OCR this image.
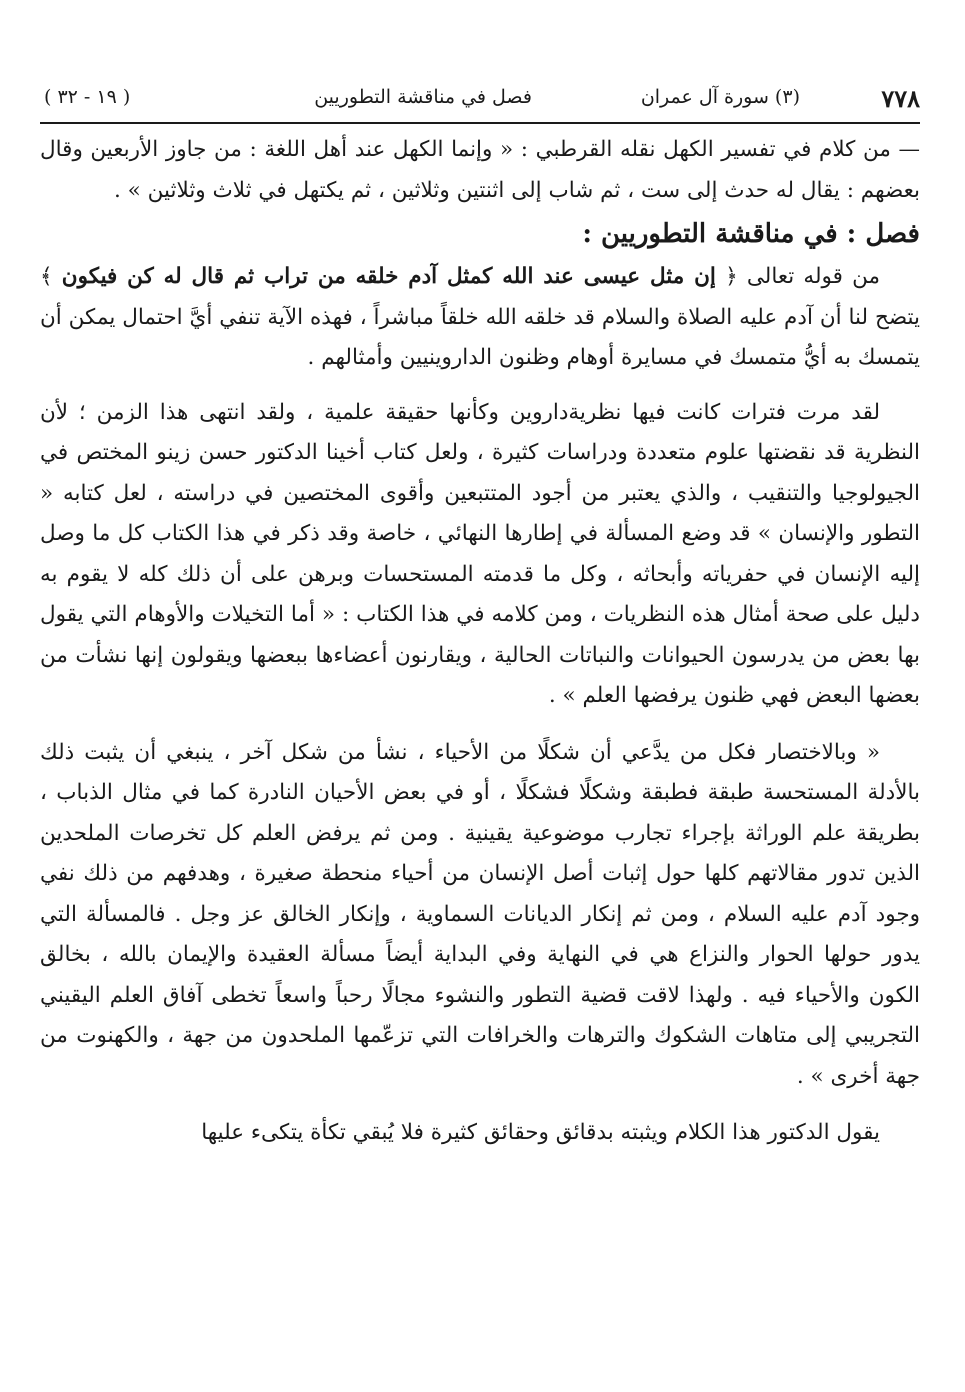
٧٧٨
(٣) سورة آل عمران
فصل في مناقشة التطوريين
( ١٩ - ٣٢ )

— من كلام في تفسير الكهل نقله القرطبي : « وإنما الكهل عند أهل اللغة : من جاوز الأربعين وقال بعضهم : يقال له حدث إلى ست ، ثم شاب إلى اثنتين وثلاثين ، ثم يكتهل في ثلاث وثلاثين » .

فصل : في مناقشة التطوريين :

من قوله تعالى ﴿ إن مثل عيسى عند الله كمثل آدم خلقه من تراب ثم قال له كن فيكون ﴾ يتضح لنا أن آدم عليه الصلاة والسلام قد خلقه الله خلقاً مباشراً ، فهذه الآية تنفي أيَّ احتمال يمكن أن يتمسك به أيُّ متمسك في مسايرة أوهام وظنون الداروينيين وأمثالهم .

لقد مرت فترات كانت فيها نظريةداروين وكأنها حقيقة علمية ، ولقد انتهى هذا الزمن ؛ لأن النظرية قد نقضتها علوم متعددة ودراسات كثيرة ، ولعل كتاب أخينا الدكتور حسن زينو المختص في الجيولوجيا والتنقيب ، والذي يعتبر من أجود المتتبعين وأقوى المختصين في دراسته ، لعل كتابه « التطور والإنسان » قد وضع المسألة في إطارها النهائي ، خاصة وقد ذكر في هذا الكتاب كل ما وصل إليه الإنسان في حفرياته وأبحاثه ، وكل ما قدمته المستحسات وبرهن على أن ذلك كله لا يقوم به دليل على صحة أمثال هذه النظريات ، ومن كلامه في هذا الكتاب : « أما التخيلات والأوهام التي يقول بها بعض من يدرسون الحيوانات والنباتات الحالية ، ويقارنون أعضاءها ببعضها ويقولون إنها نشأت من بعضها البعض فهي ظنون يرفضها العلم » .

« وبالاختصار فكل من يدَّعي أن شكلًا من الأحياء ، نشأ من شكل آخر ، ينبغي أن يثبت ذلك بالأدلة المستحسة طبقة فطبقة وشكلًا فشكلًا ، أو في بعض الأحيان النادرة كما في مثال الذباب ، بطريقة علم الوراثة بإجراء تجارب موضوعية يقينية . ومن ثم يرفض العلم كل تخرصات الملحدين الذين تدور مقالاتهم كلها حول إثبات أصل الإنسان من أحياء منحطة صغيرة ، وهدفهم من ذلك نفي وجود آدم عليه السلام ، ومن ثم إنكار الديانات السماوية ، وإنكار الخالق عز وجل . فالمسألة التي يدور حولها الحوار والنزاع هي في النهاية وفي البداية أيضاً مسألة العقيدة والإيمان بالله ، بخالق الكون والأحياء فيه . ولهذا لاقت قضية التطور والنشوء مجالًا رحباً واسعاً تخطى آفاق العلم اليقيني التجريبي إلى متاهات الشكوك والترهات والخرافات التي تزعّمها الملحدون من جهة ، والكهنوت من جهة أخرى » .

يقول الدكتور هذا الكلام ويثبته بدقائق وحقائق كثيرة فلا يُبقي تكأة يتكىء عليها
